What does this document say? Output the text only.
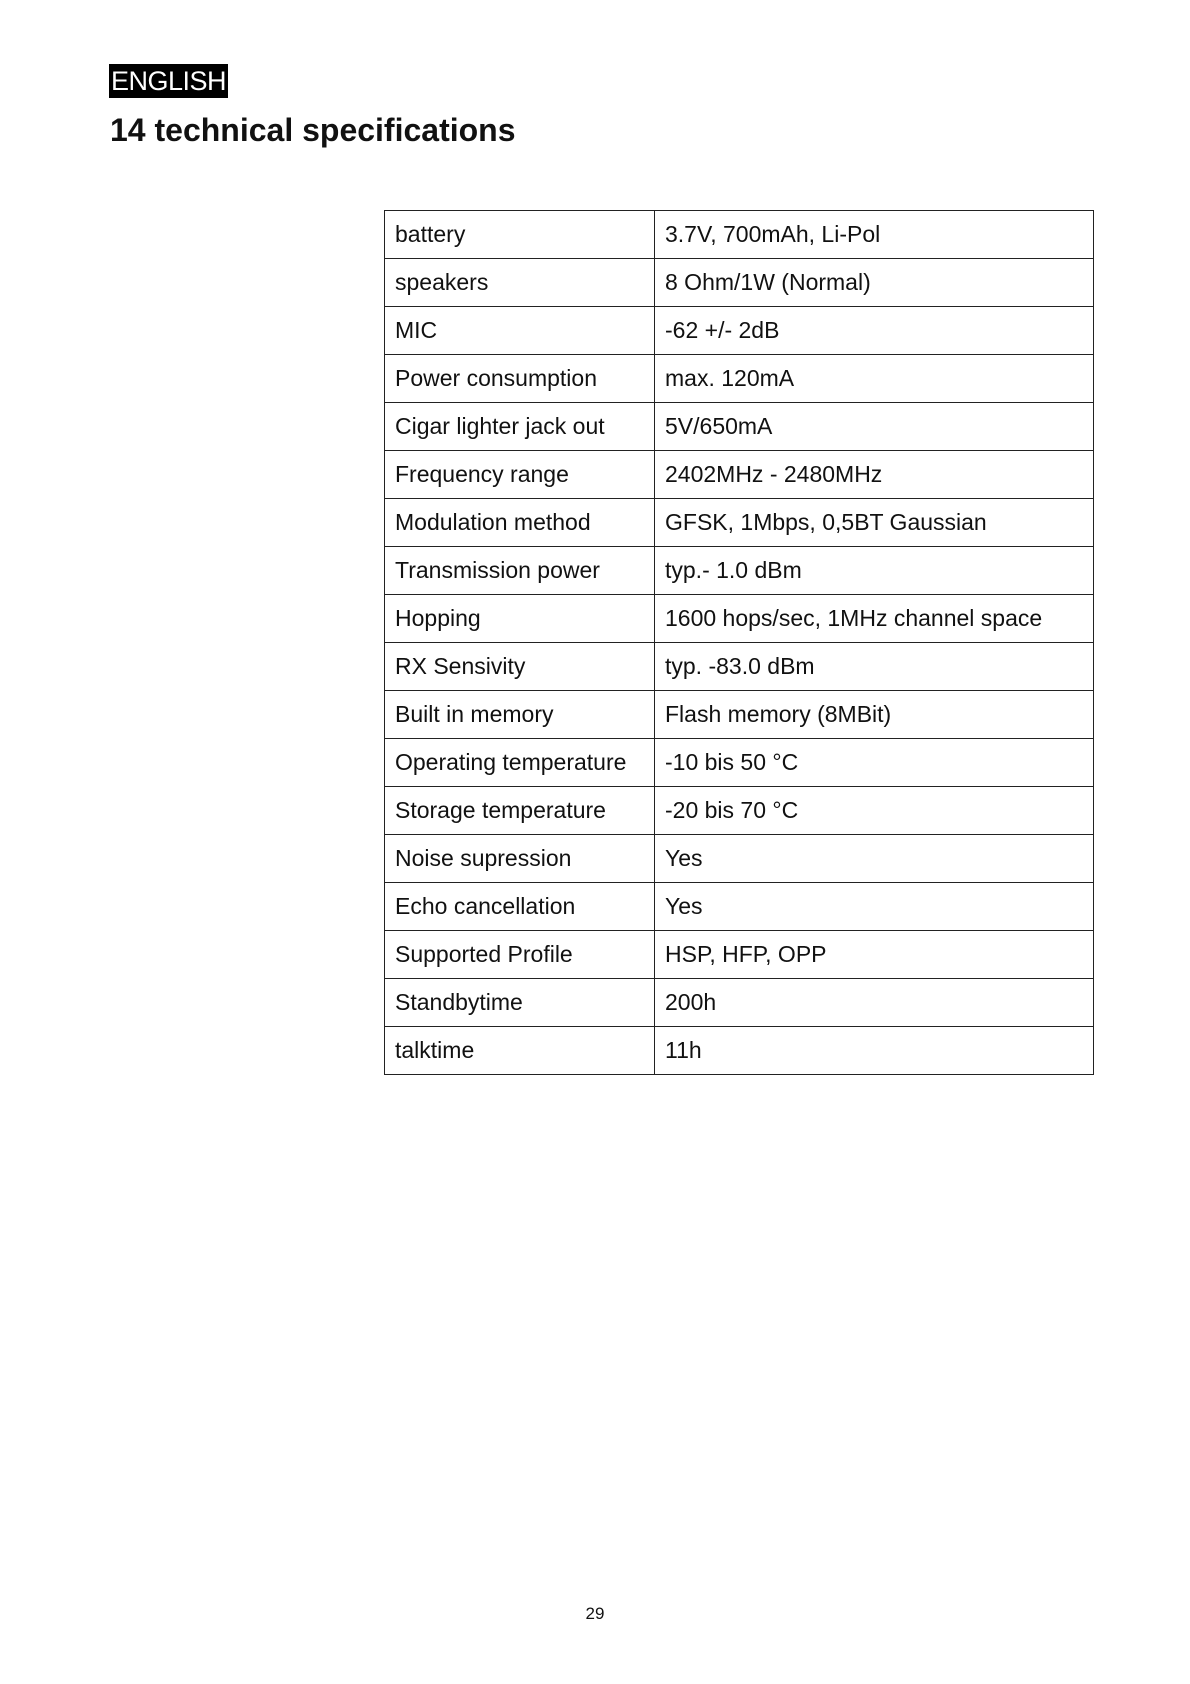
ENGLISH
14 technical specifications
battery	3.7V, 700mAh, Li-Pol
speakers	8 Ohm/1W (Normal)
MIC	-62 +/- 2dB
Power consumption	max. 120mA
Cigar lighter jack out	5V/650mA
Frequency range	2402MHz - 2480MHz
Modulation method	GFSK, 1Mbps, 0,5BT Gaussian
Transmission power	typ.- 1.0 dBm
Hopping	1600 hops/sec, 1MHz channel space
RX Sensivity	typ. -83.0 dBm
Built in memory	Flash memory (8MBit)
Operating temperature	-10 bis 50 °C
Storage temperature	-20 bis 70 °C
Noise supression	Yes
Echo cancellation	Yes
Supported Profile	HSP, HFP, OPP
Standbytime	200h
talktime	11h
29
